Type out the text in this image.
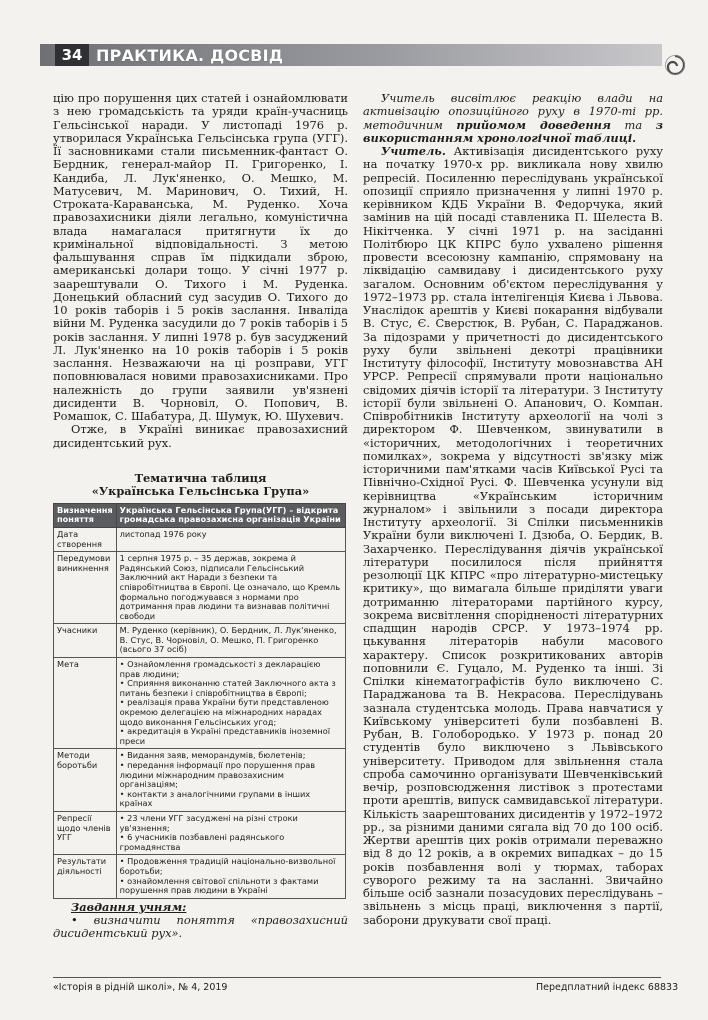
34 ПРАКТИКА. ДОСВІД

цію про порушення цих статей і ознайомлювати з нею громадськість та уряди країн-учасниць Гельсінської наради. У листопаді 1976 р. утворилася Українська Гельсінська група (УГГ). Її засновниками стали письменник-фантаст О. Бердник, генерал-майор П. Григоренко, І. Кандиба, Л. Лук'яненко, О. Мешко, М. Матусевич, М. Маринович, О. Тихий, Н. Строката-Караванська, М. Руденко. Хоча правозахисники діяли легально, комуністична влада намагалася притягнути їх до кримінальної відповідальності. З метою фальшування справ їм підкидали зброю, американські долари тощо. У січні 1977 р. заарештували О. Тихого і М. Руденка. Донецький обласний суд засудив О. Тихого до 10 років таборів і 5 років заслання. Інваліда війни М. Руденка засудили до 7 років таборів і 5 років заслання. У липні 1978 р. був засуджений Л. Лук'яненко на 10 років таборів і 5 років заслання. Незважаючи на ці розправи, УГГ поповнювалася новими правозахисниками. Про належність до групи заявили ув'язнені дисиденти В. Чорновіл, О. Попович, В. Ромашок, С. Шабатура, Д. Шумук, Ю. Шухевич.

Отже, в Україні виникає правозахисний дисидентський рух.

Тематична таблиця
«Українська Гельсінська Група»
Визначення поняття	Українська Гельсінська Група(УГГ) – відкрита громадська правозахисна організація України
Дата створення	листопад 1976 року

Передумови виникнення	1 серпня 1975 р. – 35 держав, зокрема й Радянський Союз, підписали Гельсінський Заключний акт Наради з безпеки та співробітництва в Європі. Це означало, що Кремль формально погоджувався з нормами про дотримання прав людини та визнавав політичні свободи

Учасники	М. Руденко (керівник), О. Бердник, Л. Лук'яненко, В. Стус, В. Чорновіл, О. Мешко, П. Григоренко (всього 37 осіб)

Мета	• Ознайомлення громадськості з декларацією прав людини;
• Сприяння виконанню статей Заключного акта з питань безпеки і співробітництва в Європі;
• реалізація права України бути представленою окремою делегацією на міжнародних нарадах щодо виконання Гельсінських угод;
• акредитація в Україні представників іноземної преси

Методи боротьби	• Видання заяв, меморандумів, бюлетенів;
• передання інформації про порушення прав людини міжнародним правозахисним організаціям;
• контакти з аналогічними групами в інших країнах

Репресії щодо членів УГГ	• 23 члени УГГ засуджені на різні строки ув'язнення;
• 6 учасників позбавлені радянського громадянства

Результати діяльності	• Продовження традицій національно-визвольної боротьби;
• ознайомлення світової спільноти з фактами порушення прав людини в Україні
Завдання учням:

• визначити поняття «правозахисний дисидентський рух».

Учитель висвітлює реакцію влади на активізацію опозиційного руху в 1970-ті рр. методичним прийомом доведення та з використанням хронологічної таблиці.

Учитель. Активізація дисидентського руху на початку 1970-х рр. викликала нову хвилю репресій. Посиленню переслідувань української опозиції сприяло призначення у липні 1970 р. керівником КДБ України В. Федорчука, який замінив на цій посаді ставленика П. Шелеста В. Нікітченка. У січні 1971 р. на засіданні Політбюро ЦК КПРС було ухвалено рішення провести всесоюзну кампанію, спрямовану на ліквідацію самвидаву і дисидентського руху загалом. Основним об'єктом переслідування у 1972–1973 рр. стала інтелігенція Києва і Львова. Унаслідок арештів у Києві покарання відбували В. Стус, Є. Сверстюк, В. Рубан, С. Параджанов. За підозрами у причетності до дисидентського руху були звільнені декотрі працівники Інституту філософії, Інституту мовознавства АН УРСР. Репресії спрямували проти національно свідомих діячів історії та літератури. З Інституту історії були звільнені О. Апанович, О. Компан. Співробітників Інституту археології на чолі з директором Ф. Шевченком, звинуватили в «історичних, методологічних і теоретичних помилках», зокрема у відсутності зв'язку між історичними пам'ятками часів Київської Русі та Північно-Східної Русі. Ф. Шевченка усунули від керівництва «Українським історичним журналом» і звільнили з посади директора Інституту археології. Зі Спілки письменників України були виключені І. Дзюба, О. Бердик, В. Захарченко. Переслідування діячів української літератури посилилося після прийняття резолюції ЦК КПРС «про літературно-мистецьку критику», що вимагала більше приділяти уваги дотриманню літераторами партійного курсу, зокрема висвітлення спорідненості літературних спадщин народів СРСР. У 1973–1974 рр. цькування літераторів набули масового характеру. Список розкритикованих авторів поповнили Є. Гуцало, М. Руденко та інші. Зі Спілки кінематографістів було виключено С. Параджанова та В. Некрасова. Переслідувань зазнала студентська молодь. Права навчатися у Київському університеті були позбавлені В. Рубан, В. Голобородько. У 1973 р. понад 20 студентів було виключено з Львівського університету. Приводом для звільнення стала спроба самочинно організувати Шевченківський вечір, розповсюдження листівок з протестами проти арештів, випуск самвидавської літератури. Кількість заарештованих дисидентів у 1972–1972 рр., за різними даними сягала від 70 до 100 осіб. Жертви арештів цих років отримали переважно від 8 до 12 років, а в окремих випадках – до 15 років позбавлення волі у тюрмах, таборах суворого режиму та на засланні. Звичайно більше осіб зазнали позасудових переслідувань – звільнень з місць праці, виключення з партії, заборони друкувати свої праці.

«Історія в рідній школі», № 4, 2019	Передплатний індекс 68833
